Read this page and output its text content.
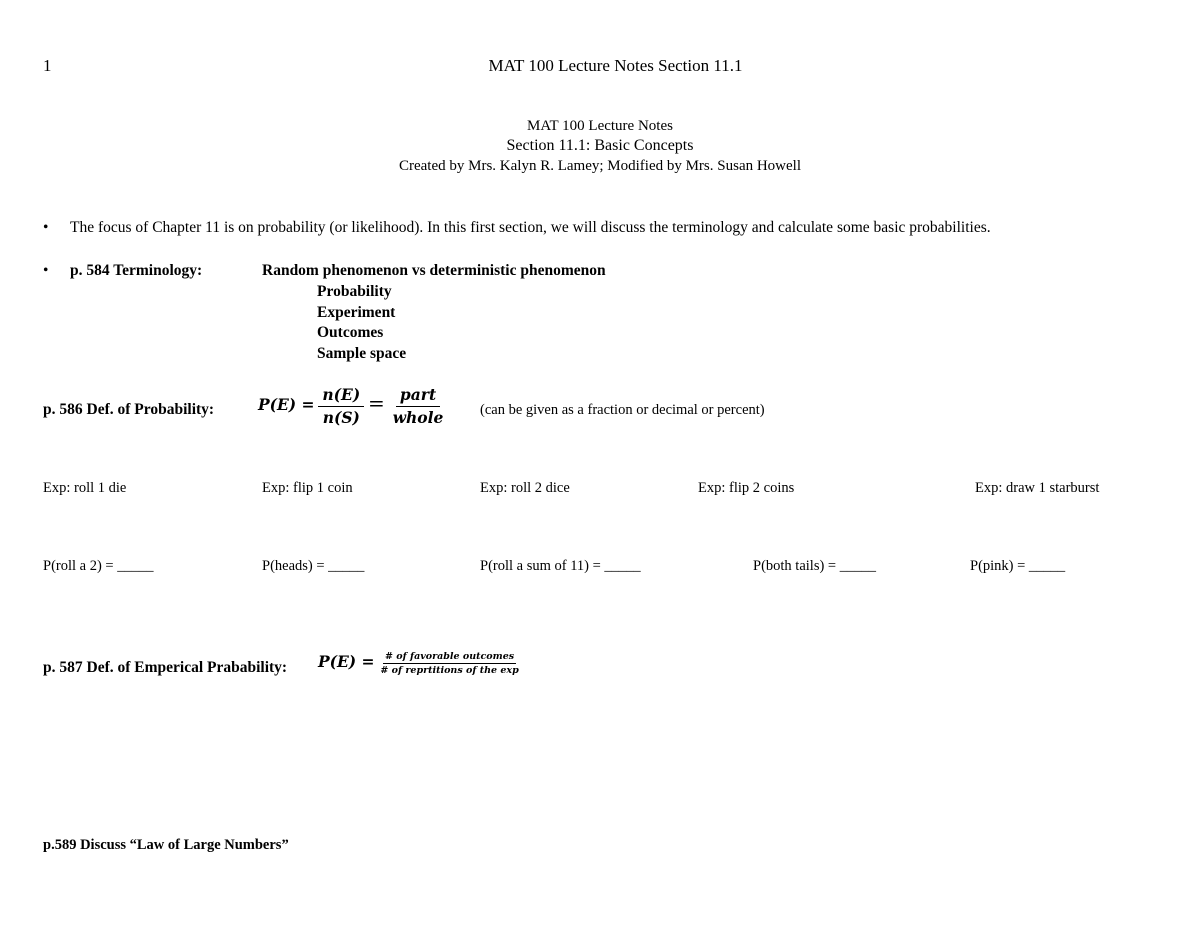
1	MAT 100 Lecture Notes Section 11.1
MAT 100 Lecture Notes
Section 11.1: Basic Concepts
Created by Mrs. Kalyn R. Lamey; Modified by Mrs. Susan Howell
• The focus of Chapter 11 is on probability (or likelihood). In this first section, we will discuss the terminology and calculate some basic probabilities.
• p. 584 Terminology:	Random phenomenon vs deterministic phenomenon
Probability
Experiment
Outcomes
Sample space
p. 586 Def. of Probability:	$P(E) = \frac{n(E)}{n(S)} = \frac{\text{part}}{\text{whole}} (can$ be given as a fraction or decimal or percent)
Exp: roll 1 die	Exp: flip 1 coin	Exp: roll 2 dice	Exp: flip 2 coins	Exp: draw 1 starburst
P(roll a 2) = _____	P(heads) = _____	P(roll a sum of 11) = _____	P(both tails) = _____	P(pink) = _____
p. 587 Def. of Emperical Prabability: $P(E) = \frac{\text{\# of favorable outcomes}}{\text{\# of reprtitions of the exp}}$
p.589 Discuss “Law of Large Numbers”
